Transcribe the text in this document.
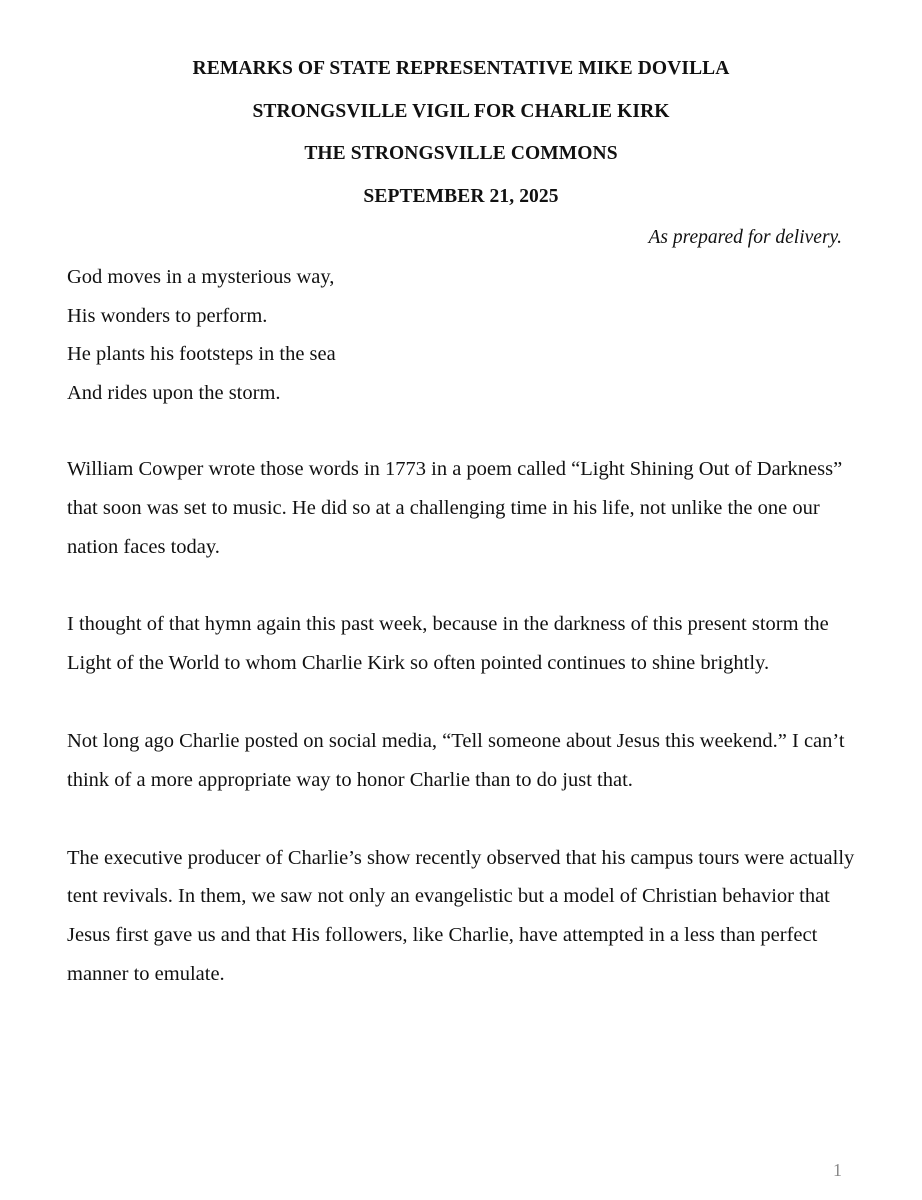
REMARKS OF STATE REPRESENTATIVE MIKE DOVILLA

STRONGSVILLE VIGIL FOR CHARLIE KIRK

THE STRONGSVILLE COMMONS

SEPTEMBER 21, 2025

As prepared for delivery.

God moves in a mysterious way,
His wonders to perform.
He plants his footsteps in the sea
And rides upon the storm.

William Cowper wrote those words in 1773 in a poem called “Light Shining Out of Darkness” that soon was set to music. He did so at a challenging time in his life, not unlike the one our nation faces today.

I thought of that hymn again this past week, because in the darkness of this present storm the Light of the World to whom Charlie Kirk so often pointed continues to shine brightly.

Not long ago Charlie posted on social media, “Tell someone about Jesus this weekend.” I can’t think of a more appropriate way to honor Charlie than to do just that.

The executive producer of Charlie’s show recently observed that his campus tours were actually tent revivals. In them, we saw not only an evangelistic but a model of Christian behavior that Jesus first gave us and that His followers, like Charlie, have attempted in a less than perfect manner to emulate.

1
